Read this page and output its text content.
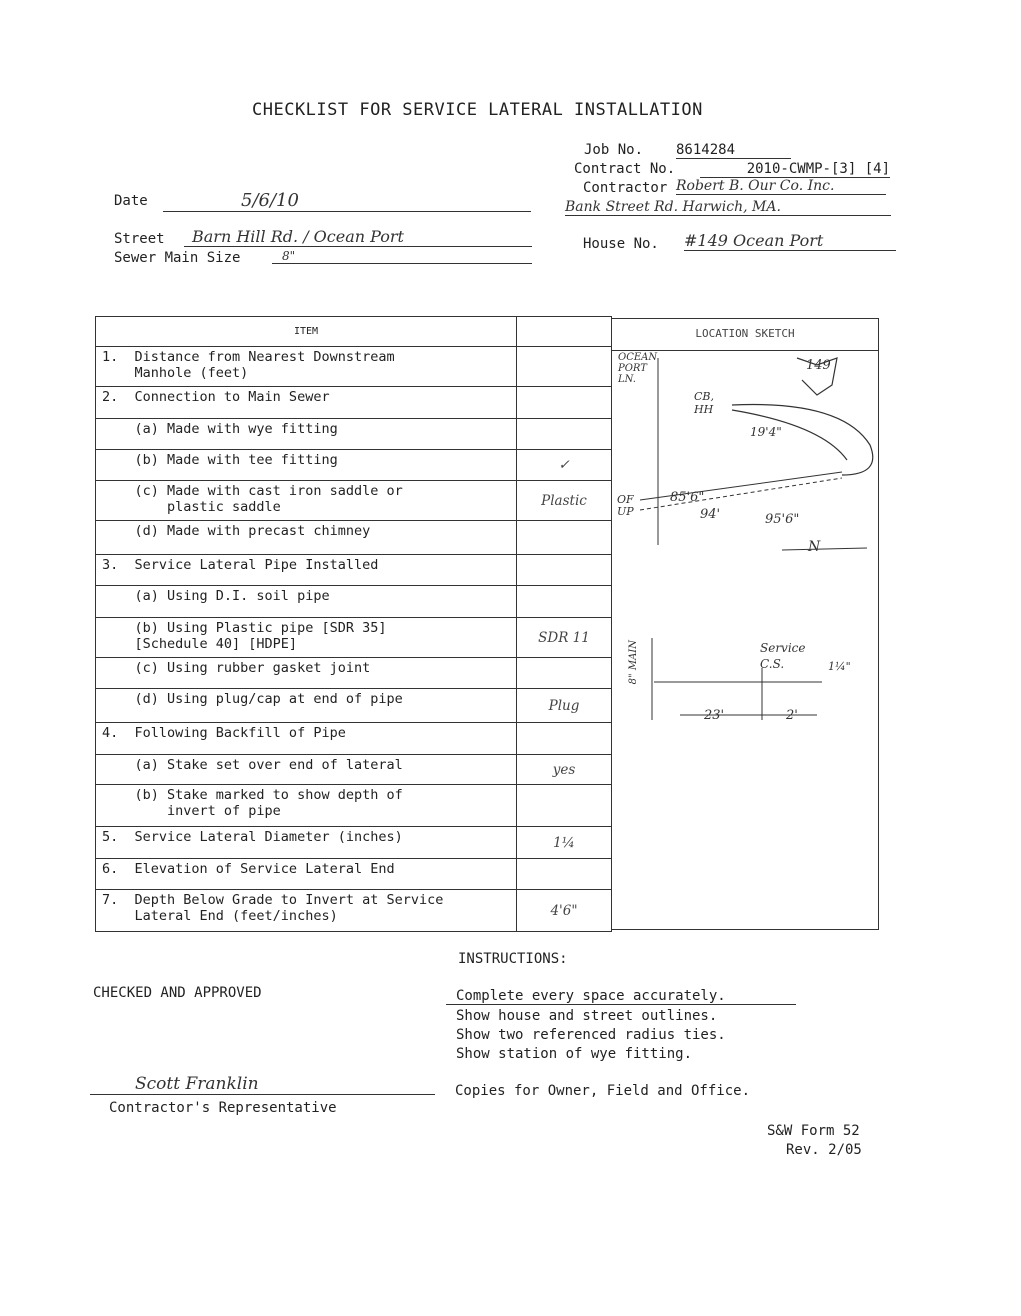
CHECKLIST FOR SERVICE LATERAL INSTALLATION
Job No. 8614284
Contract No.	2010-CWMP-[3] [4]
Contractor Robert B. Our Co. Inc.
Bank Street Rd. Harwich, MA.
House No. #149 Ocean Port
Date	5/6/10
Street	Barn Hill Rd. / Ocean Port
Sewer Main Size	8"
ITEM	
1.  Distance from Nearest Downstream
Manhole (feet)	
2.  Connection to Main Sewer	
(a) Made with wye fitting	
(b) Made with tee fitting	✓
(c) Made with cast iron saddle or
plastic saddle	Plastic
(d) Made with precast chimney	
3.  Service Lateral Pipe Installed	
(a) Using D.I. soil pipe	
(b) Using Plastic pipe [SDR 35]
[Schedule 40] [HDPE]	SDR 11
(c) Using rubber gasket joint	
(d) Using plug/cap at end of pipe	Plug
4.  Following Backfill of Pipe	
(a) Stake set over end of lateral	yes
(b) Stake marked to show depth of
invert of pipe	
5.  Service Lateral Diameter (inches)	1¼
6.  Elevation of Service Lateral End	
7.  Depth Below Grade to Invert at Service
Lateral End (feet/inches)	4'6"
LOCATION SKETCH
OCEAN PORT LN.
149
CB, HH
19'4"
85'6"
94'	95'6"
OF UP
N
8" MAIN	Service C.S.	1¼"
23'	2'
INSTRUCTIONS:
Complete every space accurately.
Show house and street outlines.
Show two referenced radius ties.
Show station of wye fitting.
Copies for Owner, Field and Office.
CHECKED AND APPROVED
Scott Franklin
Contractor's Representative
S&W Form 52
Rev. 2/05
